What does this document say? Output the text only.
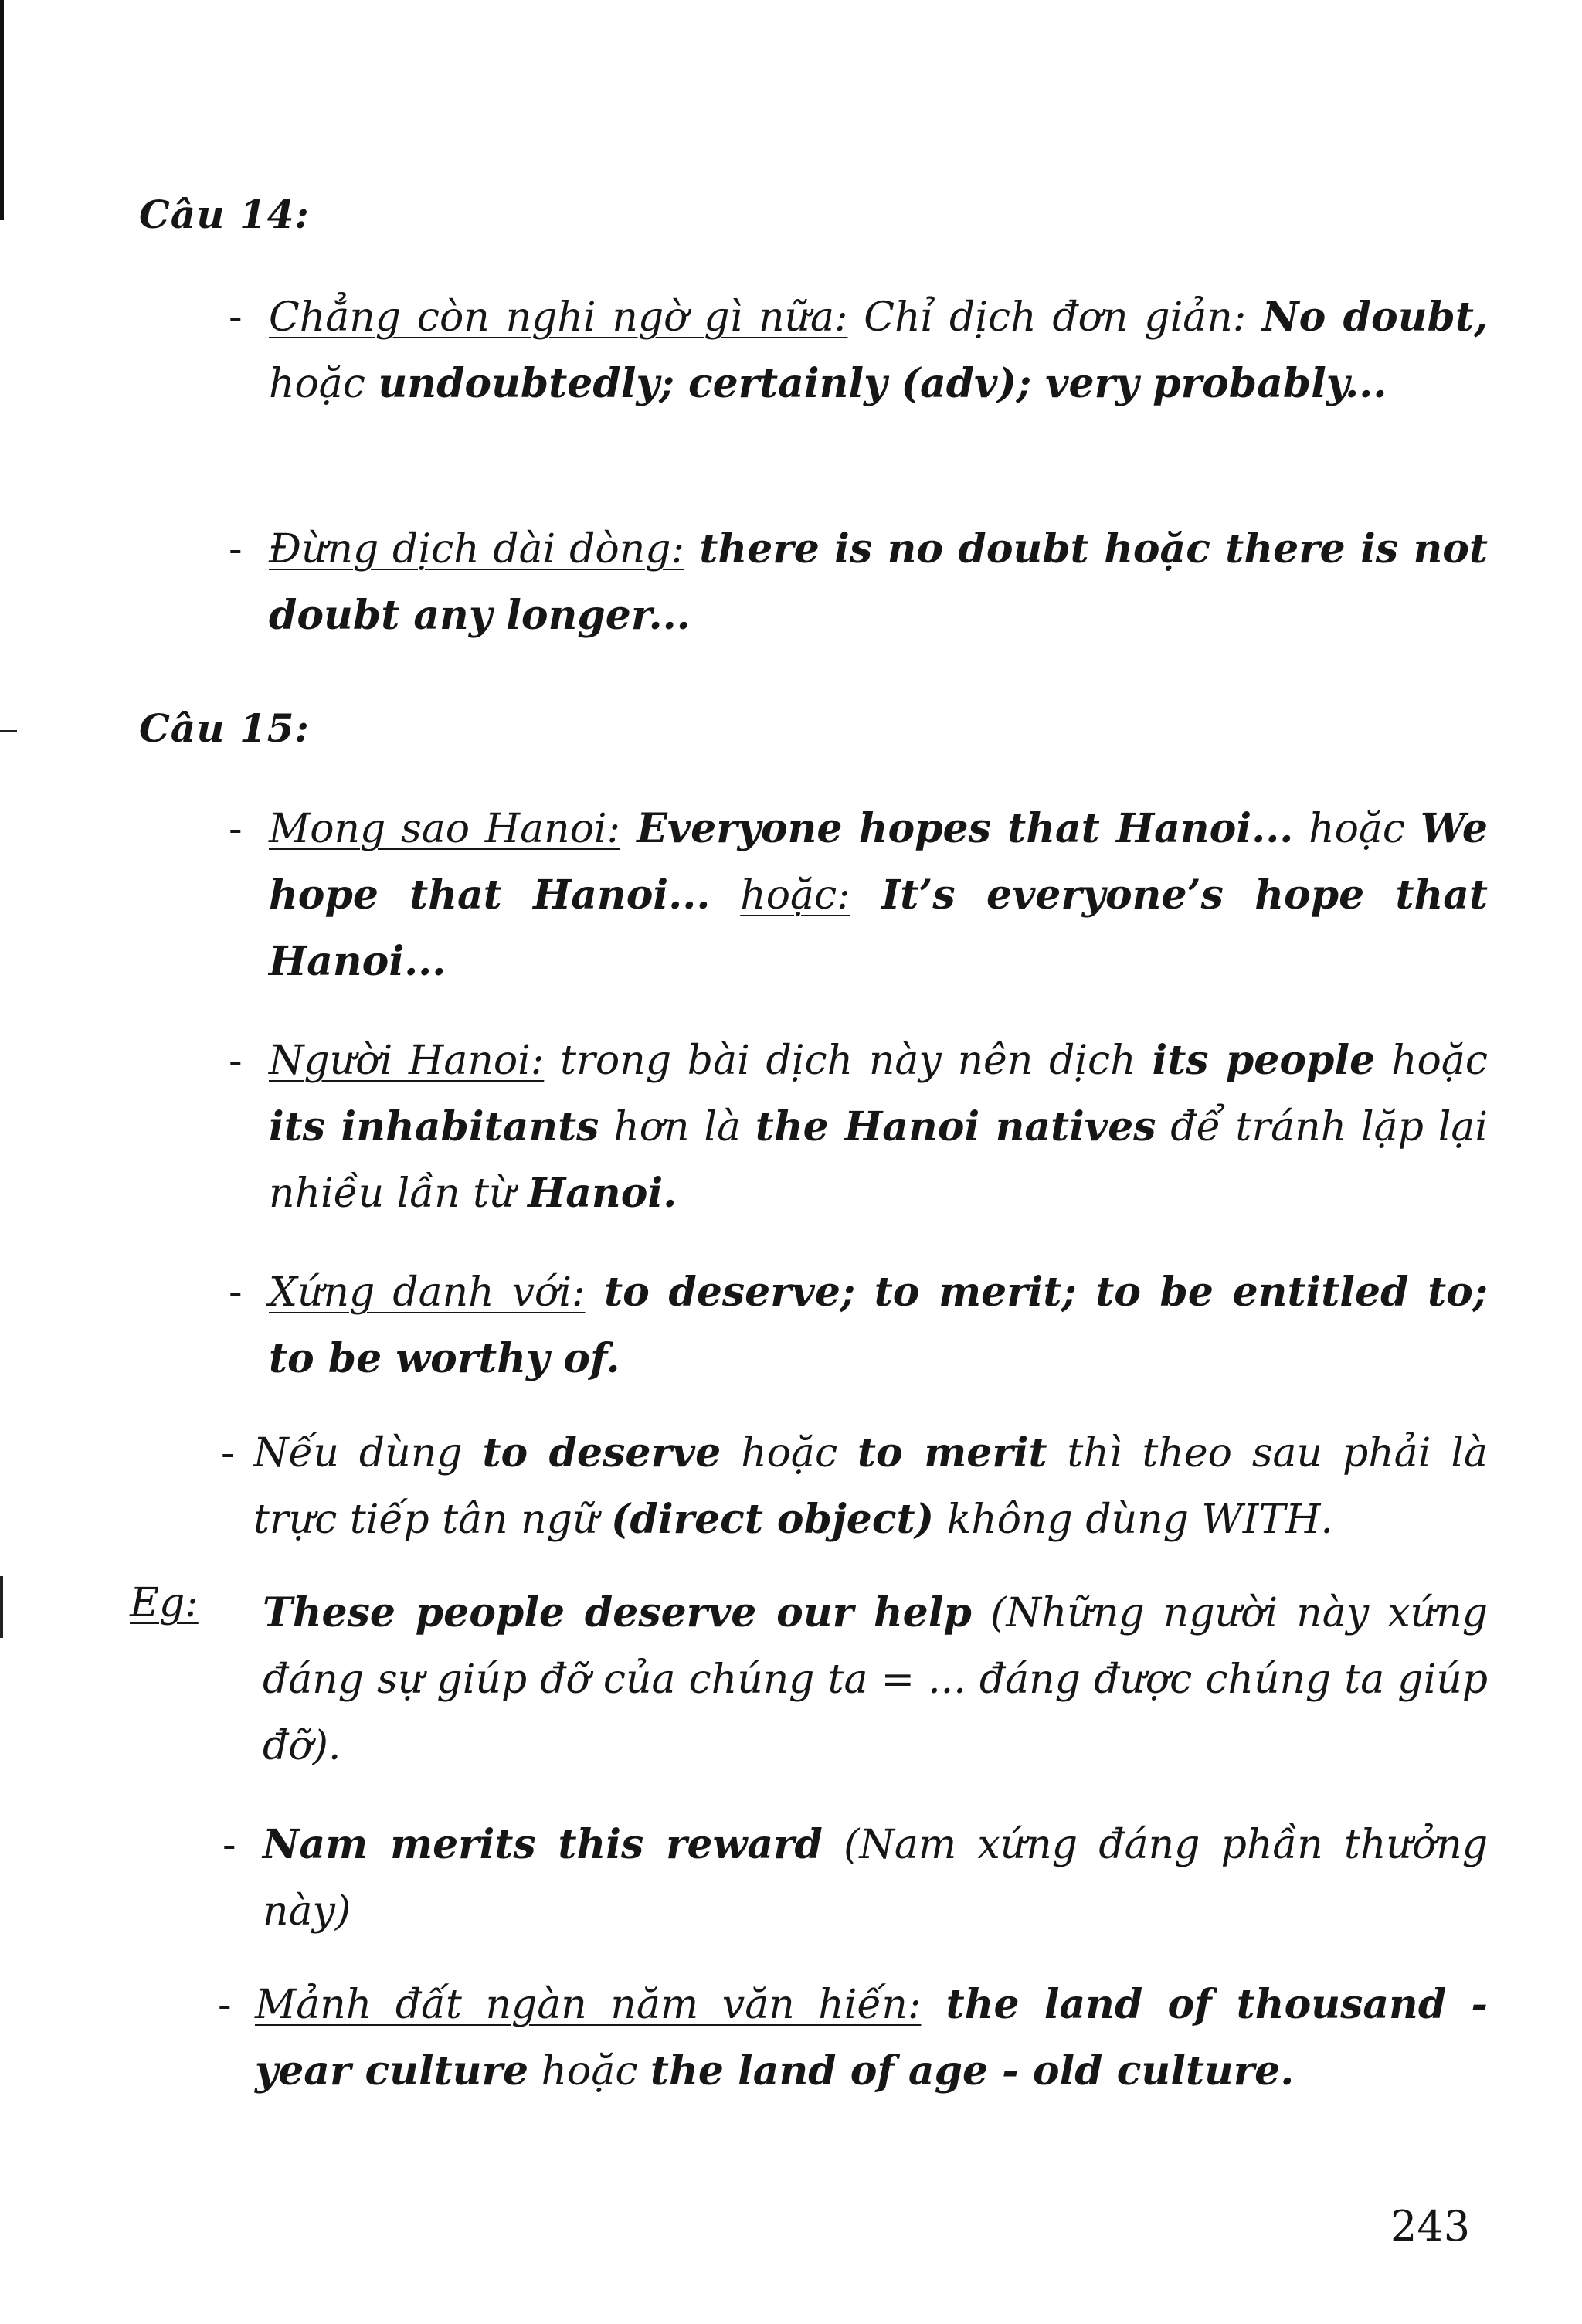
Câu 14:
- Chẳng còn nghi ngờ gì nữa: Chỉ dịch đơn giản: No doubt, hoặc undoubtedly; certainly (adv); very probably...
- Đừng dịch dài dòng: there is no doubt hoặc there is not doubt any longer...
Câu 15:
- Mong sao Hanoi: Everyone hopes that Hanoi... hoặc We hope that Hanoi... hoặc: It’s everyone’s hope that Hanoi...
- Người Hanoi: trong bài dịch này nên dịch its people hoặc its inhabitants hơn là the Hanoi natives để tránh lặp lại nhiều lần từ Hanoi.
- Xứng danh với: to deserve; to merit; to be entitled to; to be worthy of.
- Nếu dùng to deserve hoặc to merit thì theo sau phải là trực tiếp tân ngữ (direct object) không dùng WITH.
Eg: These people deserve our help (Những người này xứng đáng sự giúp đỡ của chúng ta = ... đáng được chúng ta giúp đỡ).
- Nam merits this reward (Nam xứng đáng phần thưởng này)
- Mảnh đất ngàn năm văn hiến: the land of thousand - year culture hoặc the land of age - old culture.
243
